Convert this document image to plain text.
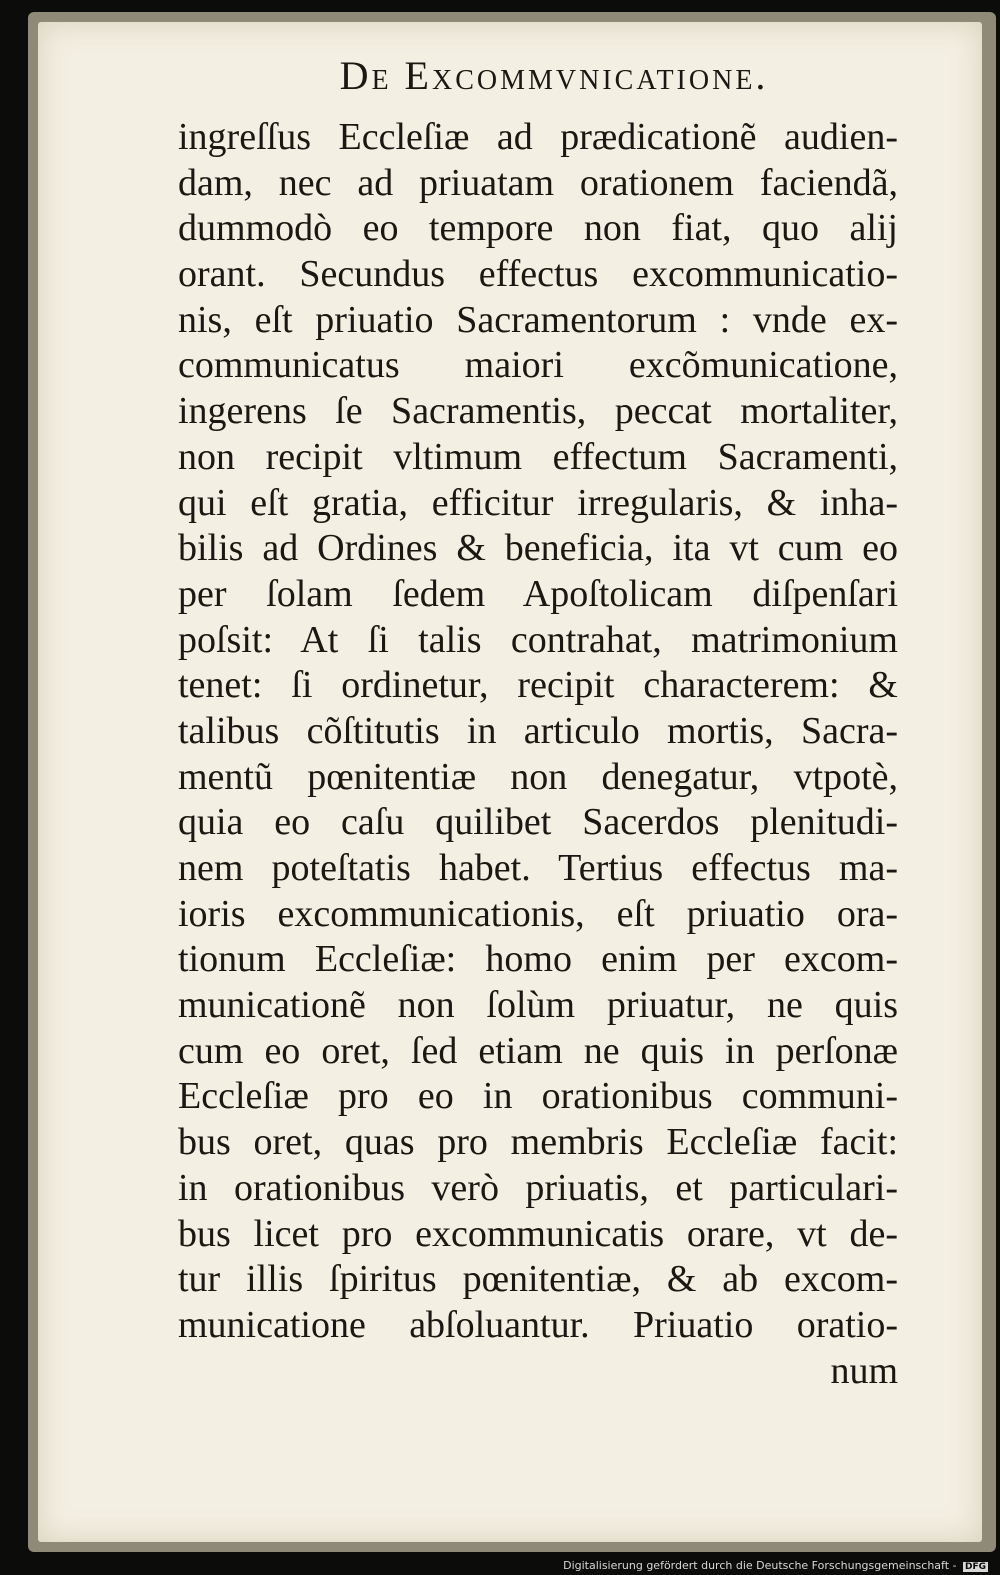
De Excommvnicatione.
ingreſſus Eccleſiæ ad prædicationẽ audien-
dam, nec ad priuatam orationem faciendã,
dummodò eo tempore non fiat, quo alij
orant. Secundus effectus excommunicatio-
nis, eſt priuatio Sacramentorum : vnde ex-
communicatus maiori excõmunicatione,
ingerens ſe Sacramentis, peccat mortaliter,
non recipit vltimum effectum Sacramenti,
qui eſt gratia, efficitur irregularis, & inha-
bilis ad Ordines & beneficia, ita vt cum eo
per ſolam ſedem Apoſtolicam diſpenſari
poſsit: At ſi talis contrahat, matrimonium
tenet: ſi ordinetur, recipit characterem: &
talibus cõſtitutis in articulo mortis, Sacra-
mentũ pœnitentiæ non denegatur, vtpotè,
quia eo caſu quilibet Sacerdos plenitudi-
nem poteſtatis habet. Tertius effectus ma-
ioris excommunicationis, eſt priuatio ora-
tionum Eccleſiæ: homo enim per excom-
municationẽ non ſolùm priuatur, ne quis
cum eo oret, ſed etiam ne quis in perſonæ
Eccleſiæ pro eo in orationibus communi-
bus oret, quas pro membris Eccleſiæ facit:
in orationibus verò priuatis, et particulari-
bus licet pro excommunicatis orare, vt de-
tur illis ſpiritus pœnitentiæ, & ab excom-
municatione abſoluantur. Priuatio oratio-
num
Digitalisierung gefördert durch die Deutsche Forschungsgemeinschaft - DFG
